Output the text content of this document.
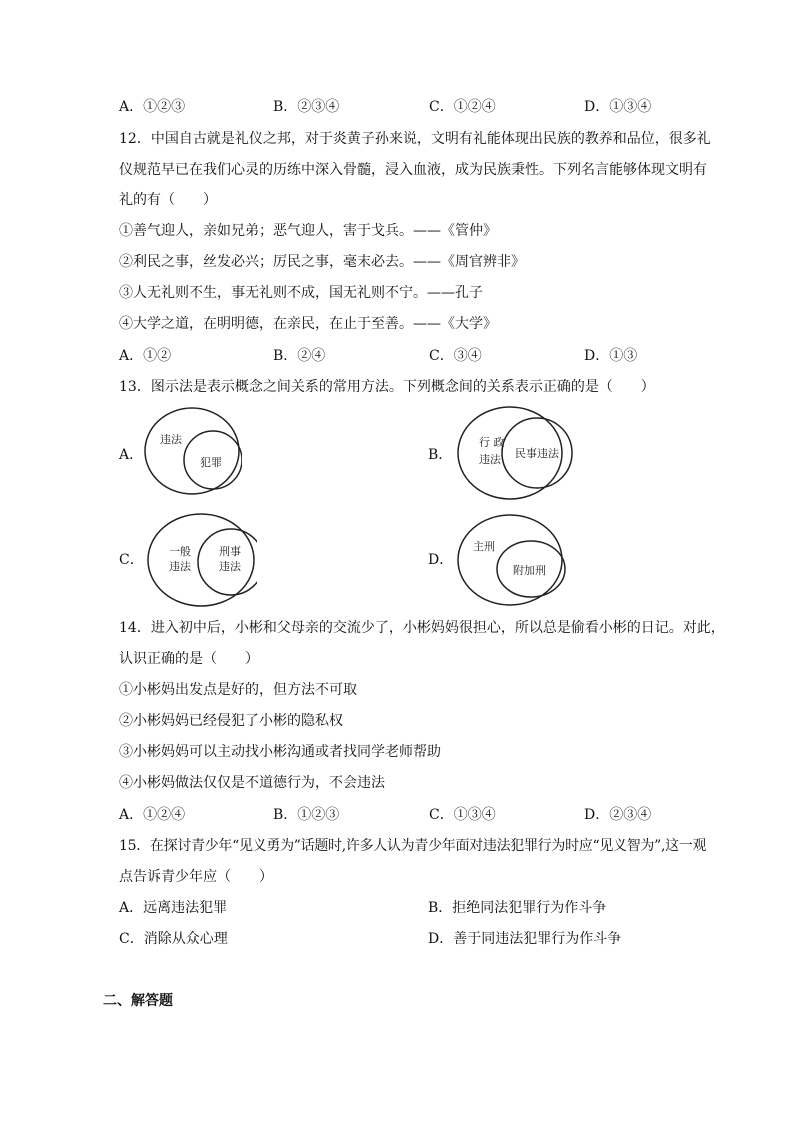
A．①②③	B．②③④	C．①②④	D．①③④
12．中国自古就是礼仪之邦，对于炎黄子孙来说，文明有礼能体现出民族的教养和品位，很多礼
仪规范早已在我们心灵的历练中深入骨髓，浸入血液，成为民族秉性。下列名言能够体现文明有
礼的有（　　）
①善气迎人，亲如兄弟；恶气迎人，害于戈兵。——《管仲》
②利民之事，丝发必兴；厉民之事，毫末必去。——《周官辨非》
③人无礼则不生，事无礼则不成，国无礼则不宁。——孔子
④大学之道，在明明德，在亲民，在止于至善。——《大学》
A．①②	B．②④	C．③④	D．①③
13．图示法是表示概念之间关系的常用方法。下列概念间的关系表示正确的是（　　）
A．
违法
犯罪	B．
行 政
违法 民事违法
C．
一般
违法
刑事
违法	D．
主刑
附加刑
14．进入初中后，小彬和父母亲的交流少了，小彬妈妈很担心，所以总是偷看小彬的日记。对此，
认识正确的是（　　）
①小彬妈出发点是好的，但方法不可取
②小彬妈妈已经侵犯了小彬的隐私权
③小彬妈妈可以主动找小彬沟通或者找同学老师帮助
④小彬妈做法仅仅是不道德行为，不会违法
A．①②④	B．①②③	C．①③④	D．②③④
15．在探讨青少年“见义勇为”话题时,许多人认为青少年面对违法犯罪行为时应“见义智为”,这一观
点告诉青少年应（　　）
A．远离违法犯罪	B．拒绝同法犯罪行为作斗争
C．消除从众心理	D．善于同违法犯罪行为作斗争
二、解答题
